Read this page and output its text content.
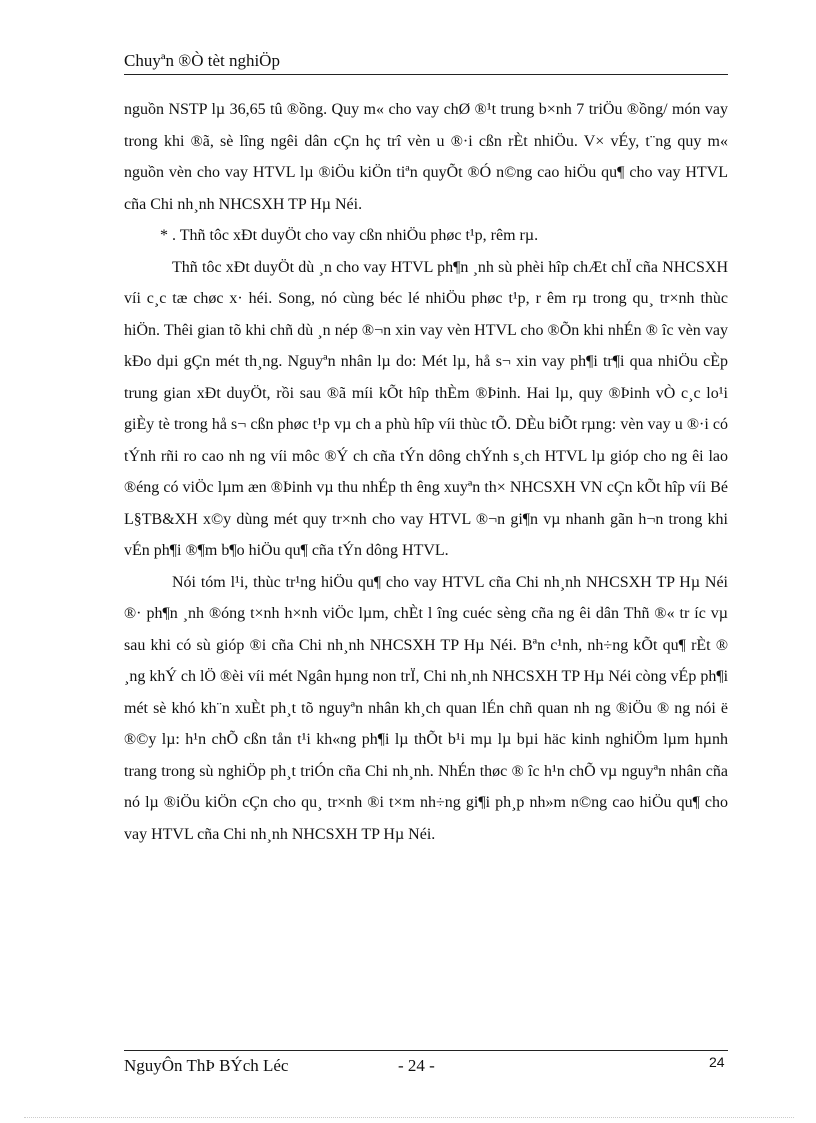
Chuyªn ®Ò tèt nghiÖp

nguồn NSTP lµ 36,65 tû ®ồng. Quy m« cho vay chØ ®¹t trung b×nh 7 triÖu ®ồng/ món vay trong khi ®ã, sè lîng ngêi dân cÇn hç trî vèn u ®·i cßn rÈt nhiÖu. V× vÉy, t¨ng quy m« nguồn vèn cho vay HTVL lµ ®iÖu kiÖn tiªn quyÕt ®Ó n©ng cao hiÖu qu¶ cho vay HTVL cña Chi nh¸nh NHCSXH TP Hµ Néi.

* . Thñ tôc xÐt duyÖt cho vay cßn nhiÖu phøc t¹p, rêm rµ.

Thñ tôc xÐt duyÖt dù ¸n cho vay HTVL ph¶n ¸nh sù phèi hîp chÆt chÏ cña NHCSXH víi c¸c tæ chøc x· héi. Song, nó cùng béc lé nhiÖu phøc t¹p, r êm rµ trong qu¸ tr×nh thùc hiÖn. Thêi gian tõ khi chñ dù ¸n nép ®¬n xin vay vèn HTVL cho ®Õn khi nhÉn ® îc vèn vay kÐo dµi gÇn mét th¸ng. Nguyªn nhân lµ do: Mét lµ, hå s¬ xin vay ph¶i tr¶i qua nhiÖu cÈp trung gian xÐt duyÖt, rồi sau ®ã míi kÕt hîp thÈm ®Þinh. Hai lµ, quy ®Þinh vÒ c¸c lo¹i giÈy tè trong hå s¬ cßn phøc t¹p vµ ch a phù hîp víi thùc tÕ. DÈu biÕt rµng: vèn vay u ®·i có tÝnh rñi ro cao nh ng víi môc ®Ý ch cña tÝn dông chÝnh s¸ch HTVL lµ gióp cho ng êi lao ®éng có viÖc lµm æn ®Þinh vµ thu nhÉp th êng xuyªn th× NHCSXH VN cÇn kÕt hîp víi Bé L§TB&XH x©y dùng mét quy tr×nh cho vay HTVL ®¬n gi¶n vµ nhanh gãn h¬n trong khi vÉn ph¶i ®¶m b¶o hiÖu qu¶ cña tÝn dông HTVL.

Nói tóm l¹i, thùc tr¹ng hiÖu qu¶ cho vay HTVL cña Chi nh¸nh NHCSXH TP Hµ Néi ®· ph¶n ¸nh ®óng t×nh h×nh viÖc lµm, chÈt l îng cuéc sèng cña ng êi dân Thñ ®« tr íc vµ sau khi có sù gióp ®i cña Chi nh¸nh NHCSXH TP Hµ Néi. Bªn c¹nh, nh÷ng kÕt qu¶ rÈt ® ¸ng khÝ ch lÖ ®èi víi mét Ngân hµng non trÏ, Chi nh¸nh NHCSXH TP Hµ Néi còng vÉp ph¶i mét sè khó kh¨n xuÈt ph¸t tõ nguyªn nhân kh¸ch quan lÉn chñ quan nh ng ®iÖu ® ng nói ë ®©y lµ: h¹n chÕ cßn tån t¹i kh«ng ph¶i lµ thÕt b¹i mµ lµ bµi häc kinh nghiÖm lµm hµnh trang trong sù nghiÖp ph¸t triÓn cña Chi nh¸nh. NhÉn thøc ® îc h¹n chÕ vµ nguyªn nhân cña nó lµ ®iÖu kiÖn cÇn cho qu¸ tr×nh ®i t×m nh÷ng gi¶i ph¸p nh»m n©ng cao hiÖu qu¶ cho vay HTVL cña Chi nh¸nh NHCSXH TP Hµ Néi.

NguyÔn ThÞ BÝch Léc	- 24 -	24
